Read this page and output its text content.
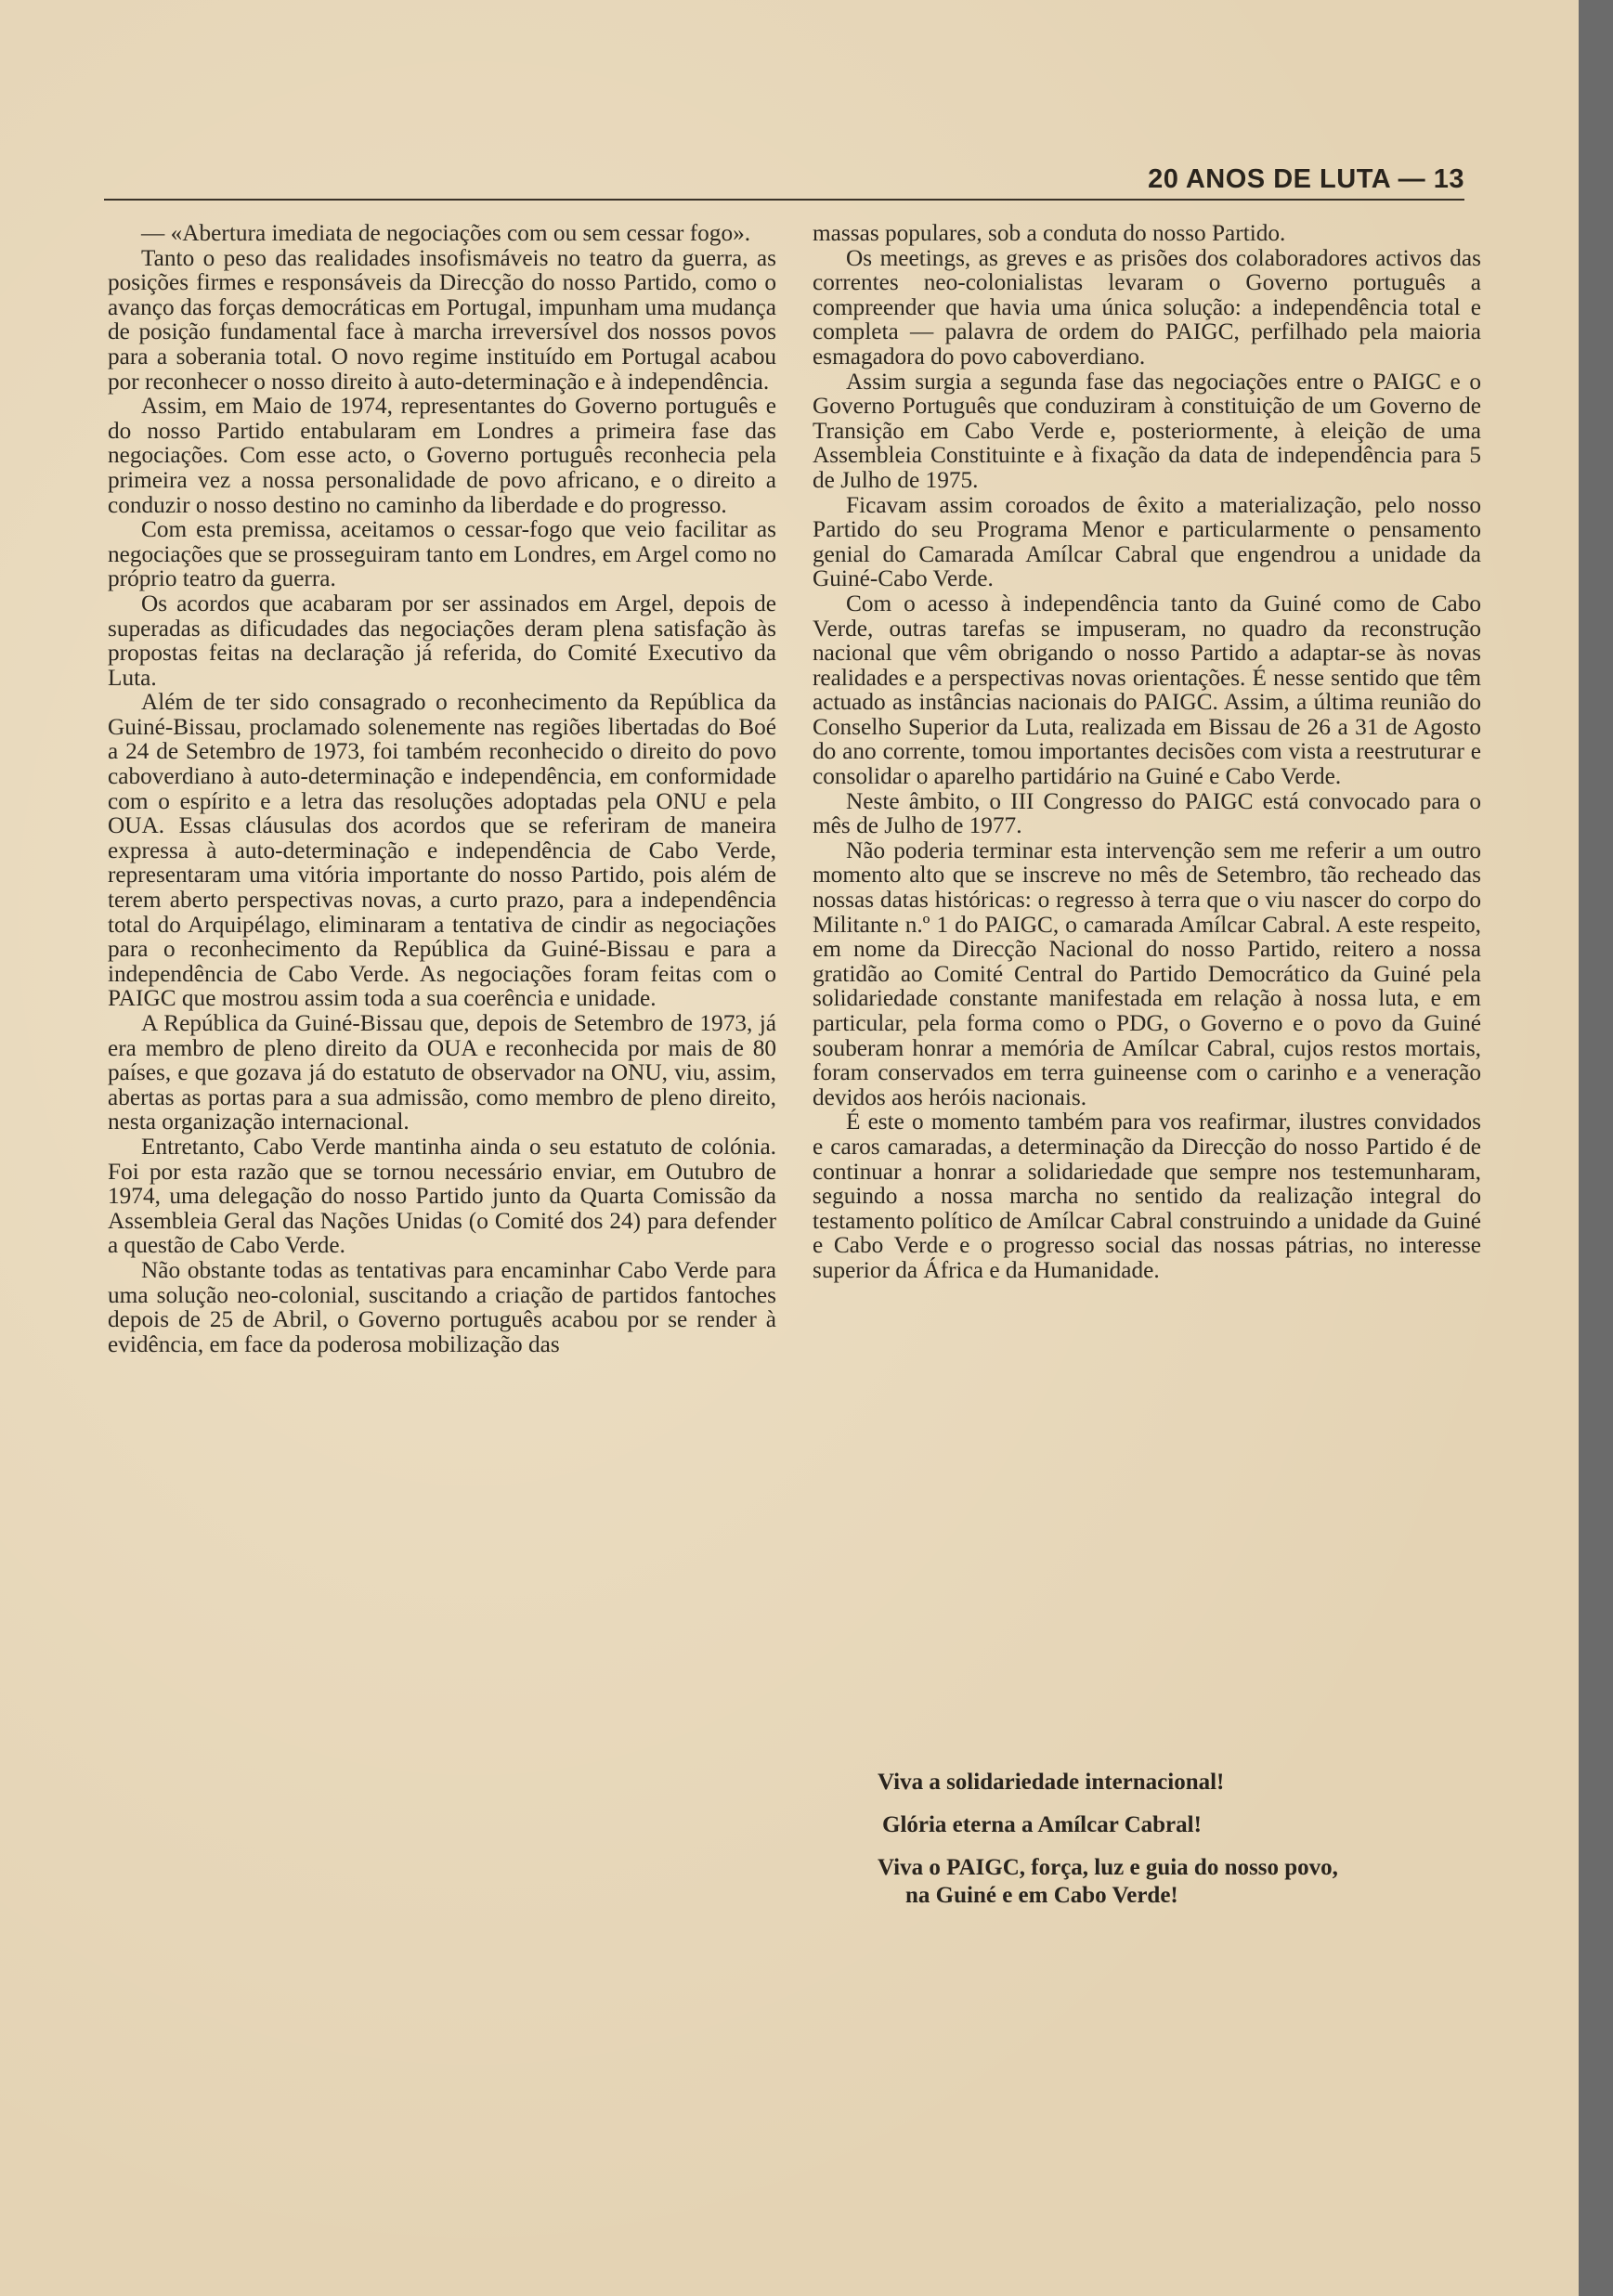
20 ANOS DE LUTA — 13

— «Abertura imediata de negociações com ou sem cessar fogo».

Tanto o peso das realidades insofismáveis no teatro da guerra, as posições firmes e responsáveis da Direcção do nosso Partido, como o avanço das forças democráticas em Portugal, impunham uma mudança de posição fundamental face à marcha irreversível dos nossos povos para a soberania total. O novo regime instituído em Portugal acabou por reconhecer o nosso direito à auto-determinação e à independência.

Assim, em Maio de 1974, representantes do Governo português e do nosso Partido entabularam em Londres a primeira fase das negociações. Com esse acto, o Governo português reconhecia pela primeira vez a nossa personalidade de povo africano, e o direito a conduzir o nosso destino no caminho da liberdade e do progresso.

Com esta premissa, aceitamos o cessar-fogo que veio facilitar as negociações que se prosseguiram tanto em Londres, em Argel como no próprio teatro da guerra.

Os acordos que acabaram por ser assinados em Argel, depois de superadas as dificudades das negociações deram plena satisfação às propostas feitas na declaração já referida, do Comité Executivo da Luta.

Além de ter sido consagrado o reconhecimento da República da Guiné-Bissau, proclamado solenemente nas regiões libertadas do Boé a 24 de Setembro de 1973, foi também reconhecido o direito do povo caboverdiano à auto-determinação e independência, em conformidade com o espírito e a letra das resoluções adoptadas pela ONU e pela OUA. Essas cláusulas dos acordos que se referiram de maneira expressa à auto-determinação e independência de Cabo Verde, representaram uma vitória importante do nosso Partido, pois além de terem aberto perspectivas novas, a curto prazo, para a independência total do Arquipélago, eliminaram a tentativa de cindir as negociações para o reconhecimento da República da Guiné-Bissau e para a independência de Cabo Verde. As negociações foram feitas com o PAIGC que mostrou assim toda a sua coerência e unidade.

A República da Guiné-Bissau que, depois de Setembro de 1973, já era membro de pleno direito da OUA e reconhecida por mais de 80 países, e que gozava já do estatuto de observador na ONU, viu, assim, abertas as portas para a sua admissão, como membro de pleno direito, nesta organização internacional.

Entretanto, Cabo Verde mantinha ainda o seu estatuto de colónia. Foi por esta razão que se tornou necessário enviar, em Outubro de 1974, uma delegação do nosso Partido junto da Quarta Comissão da Assembleia Geral das Nações Unidas (o Comité dos 24) para defender a questão de Cabo Verde.

Não obstante todas as tentativas para encaminhar Cabo Verde para uma solução neo-colonial, suscitando a criação de partidos fantoches depois de 25 de Abril, o Governo português acabou por se render à evidência, em face da poderosa mobilização das

massas populares, sob a conduta do nosso Partido.

Os meetings, as greves e as prisões dos colaboradores activos das correntes neo-colonialistas levaram o Governo português a compreender que havia uma única solução: a independência total e completa — palavra de ordem do PAIGC, perfilhado pela maioria esmagadora do povo caboverdiano.

Assim surgia a segunda fase das negociações entre o PAIGC e o Governo Português que conduziram à constituição de um Governo de Transição em Cabo Verde e, posteriormente, à eleição de uma Assembleia Constituinte e à fixação da data de independência para 5 de Julho de 1975.

Ficavam assim coroados de êxito a materialização, pelo nosso Partido do seu Programa Menor e particularmente o pensamento genial do Camarada Amílcar Cabral que engendrou a unidade da Guiné-Cabo Verde.

Com o acesso à independência tanto da Guiné como de Cabo Verde, outras tarefas se impuseram, no quadro da reconstrução nacional que vêm obrigando o nosso Partido a adaptar-se às novas realidades e a perspectivas novas orientações. É nesse sentido que têm actuado as instâncias nacionais do PAIGC. Assim, a última reunião do Conselho Superior da Luta, realizada em Bissau de 26 a 31 de Agosto do ano corrente, tomou importantes decisões com vista a reestruturar e consolidar o aparelho partidário na Guiné e Cabo Verde.

Neste âmbito, o III Congresso do PAIGC está convocado para o mês de Julho de 1977.

Não poderia terminar esta intervenção sem me referir a um outro momento alto que se inscreve no mês de Setembro, tão recheado das nossas datas históricas: o regresso à terra que o viu nascer do corpo do Militante n.º 1 do PAIGC, o camarada Amílcar Cabral. A este respeito, em nome da Direcção Nacional do nosso Partido, reitero a nossa gratidão ao Comité Central do Partido Democrático da Guiné pela solidariedade constante manifestada em relação à nossa luta, e em particular, pela forma como o PDG, o Governo e o povo da Guiné souberam honrar a memória de Amílcar Cabral, cujos restos mortais, foram conservados em terra guineense com o carinho e a veneração devidos aos heróis nacionais.

É este o momento também para vos reafirmar, ilustres convidados e caros camaradas, a determinação da Direcção do nosso Partido é de continuar a honrar a solidariedade que sempre nos testemunharam, seguindo a nossa marcha no sentido da realização integral do testamento político de Amílcar Cabral construindo a unidade da Guiné e Cabo Verde e o progresso social das nossas pátrias, no interesse superior da África e da Humanidade.

Viva a solidariedade internacional!

Glória eterna a Amílcar Cabral!

Viva o PAIGC, força, luz e guia do nosso povo,

na Guiné e em Cabo Verde!
